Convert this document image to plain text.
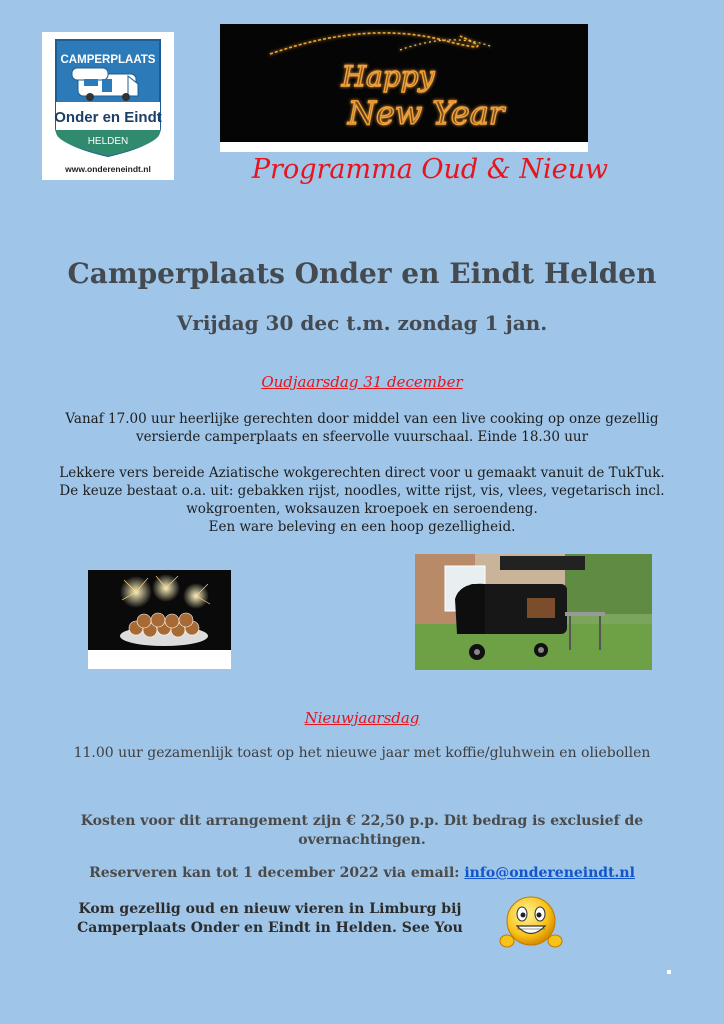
CAMPERPLAATS
Onder en Eindt
HELDEN
www.ondereneindt.nl
Happy
New Year
Programma Oud & Nieuw
Camperplaats Onder en Eindt Helden
Vrijdag 30 dec t.m. zondag 1 jan.
Oudjaarsdag 31 december

Vanaf 17.00 uur heerlijke gerechten door middel van een live cooking op onze gezellig

versierde camperplaats en sfeervolle vuurschaal. Einde 18.30 uur

Lekkere vers bereide Aziatische wokgerechten direct voor u gemaakt vanuit de TukTuk.

De keuze bestaat o.a. uit: gebakken rijst, noodles, witte rijst, vis, vlees, vegetarisch incl.

wokgroenten, woksauzen kroepoek en seroendeng.

Een ware beleving en een hoop gezelligheid.

Nieuwjaarsdag
11.00 uur gezamenlijk toast op het nieuwe jaar met koffie/gluhwein en oliebollen
Kosten voor dit arrangement zijn € 22,50 p.p. Dit bedrag is exclusief de
overnachtingen.
Reserveren kan tot 1 december 2022 via email: info@ondereneindt.nl
Kom gezellig oud en nieuw vieren in Limburg bij
Camperplaats Onder en Eindt in Helden. See You
